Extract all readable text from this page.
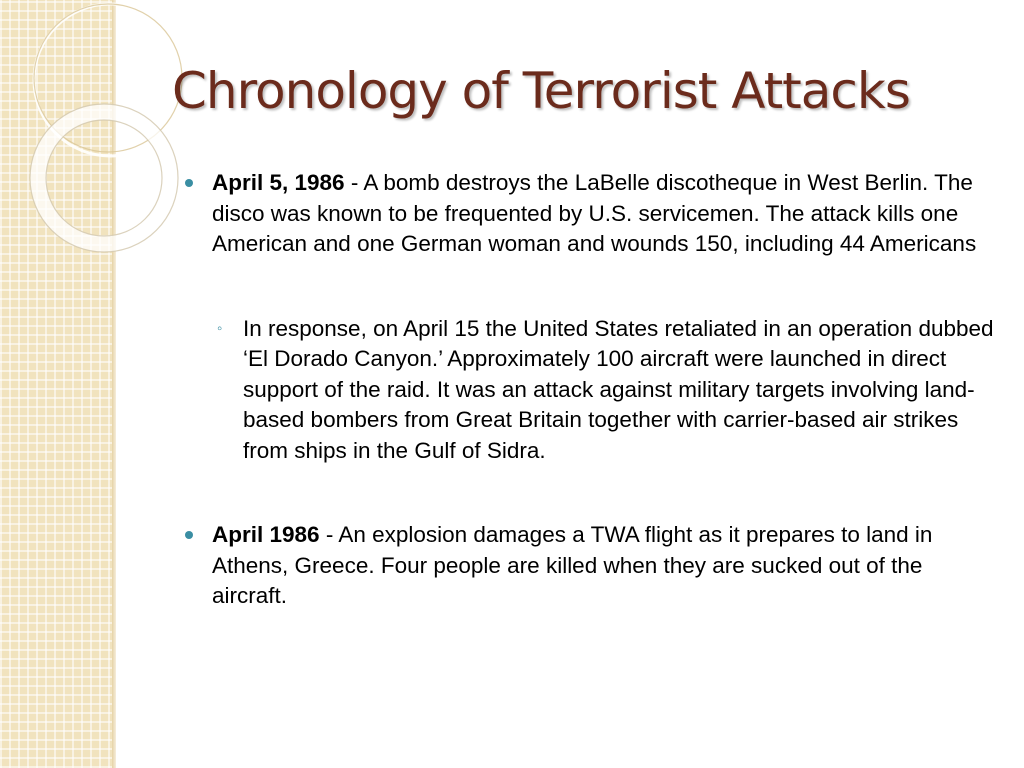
Chronology of Terrorist Attacks
April 5, 1986 - A bomb destroys the LaBelle discotheque in West Berlin. The disco was known to be frequented by U.S. servicemen. The attack kills one American and one German woman and wounds 150, including 44 Americans
◦ In response, on April 15 the United States retaliated in an operation dubbed ‘El Dorado Canyon.’ Approximately 100 aircraft were launched in direct support of the raid. It was an attack against military targets involving land-based bombers from Great Britain together with carrier-based air strikes from ships in the Gulf of Sidra.
April 1986 - An explosion damages a TWA flight as it prepares to land in Athens, Greece. Four people are killed when they are sucked out of the aircraft.
